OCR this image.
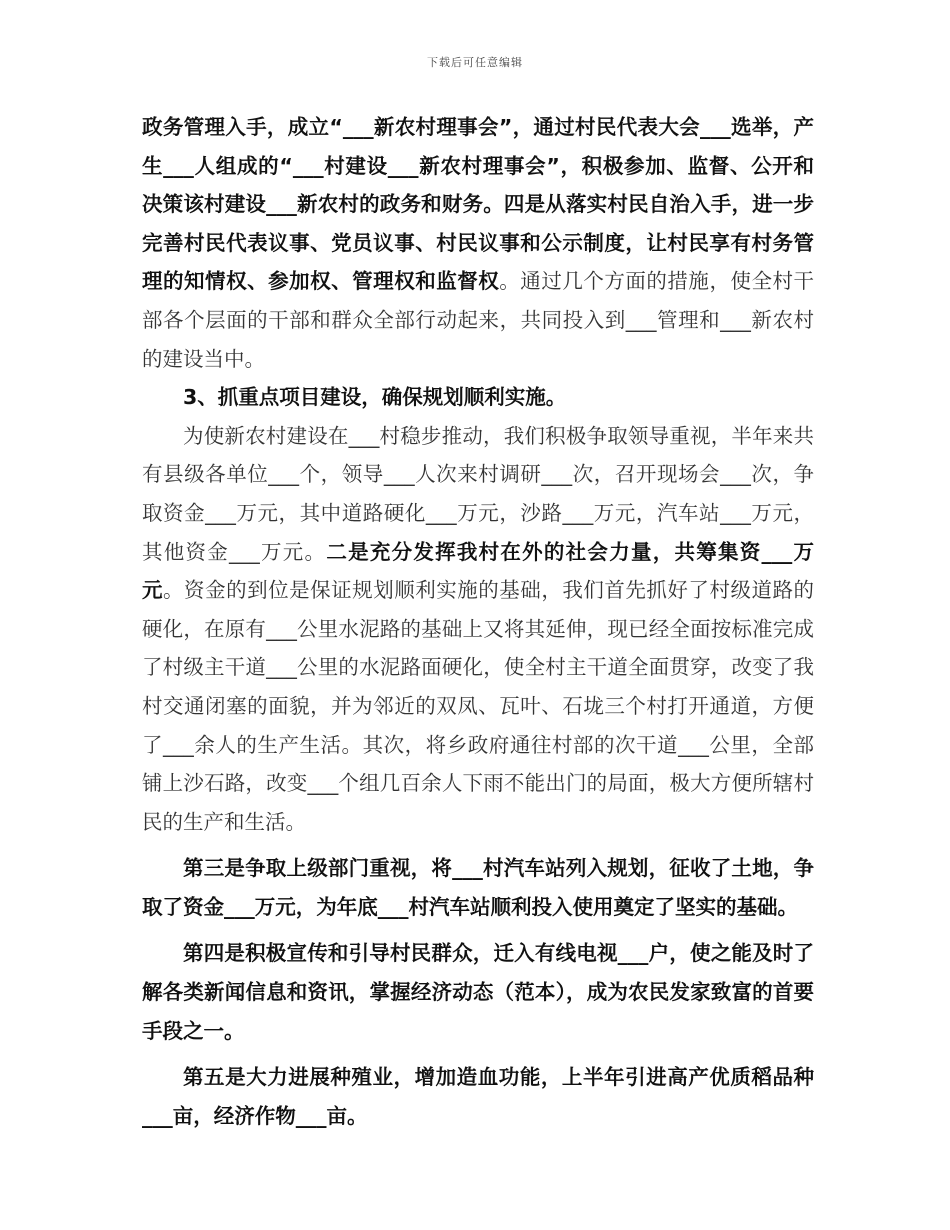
下载后可任意编辑

政务管理入手，成立“___新农村理事会”，通过村民代表大会___选举，产生___人组成的“___村建设___新农村理事会”，积极参加、监督、公开和决策该村建设___新农村的政务和财务。四是从落实村民自治入手，进一步完善村民代表议事、党员议事、村民议事和公示制度，让村民享有村务管理的知情权、参加权、管理权和监督权。通过几个方面的措施，使全村干部各个层面的干部和群众全部行动起来，共同投入到___管理和___新农村的建设当中。

3、抓重点项目建设，确保规划顺利实施。

为使新农村建设在___村稳步推动，我们积极争取领导重视，半年来共有县级各单位___个，领导___人次来村调研___次，召开现场会___次，争取资金___万元，其中道路硬化___万元，沙路___万元，汽车站___万元，其他资金___万元。二是充分发挥我村在外的社会力量，共筹集资___万元。资金的到位是保证规划顺利实施的基础，我们首先抓好了村级道路的硬化，在原有___公里水泥路的基础上又将其延伸，现已经全面按标准完成了村级主干道___公里的水泥路面硬化，使全村主干道全面贯穿，改变了我村交通闭塞的面貌，并为邻近的双凤、瓦叶、石垅三个村打开通道，方便了___余人的生产生活。其次，将乡政府通往村部的次干道___公里，全部铺上沙石路，改变___个组几百余人下雨不能出门的局面，极大方便所辖村民的生产和生活。

第三是争取上级部门重视，将___村汽车站列入规划，征收了土地，争取了资金___万元，为年底___村汽车站顺利投入使用奠定了坚实的基础。

第四是积极宣传和引导村民群众，迁入有线电视___户，使之能及时了解各类新闻信息和资讯，掌握经济动态（范本），成为农民发家致富的首要手段之一。

第五是大力进展种殖业，增加造血功能，上半年引进高产优质稻品种___亩，经济作物___亩。
